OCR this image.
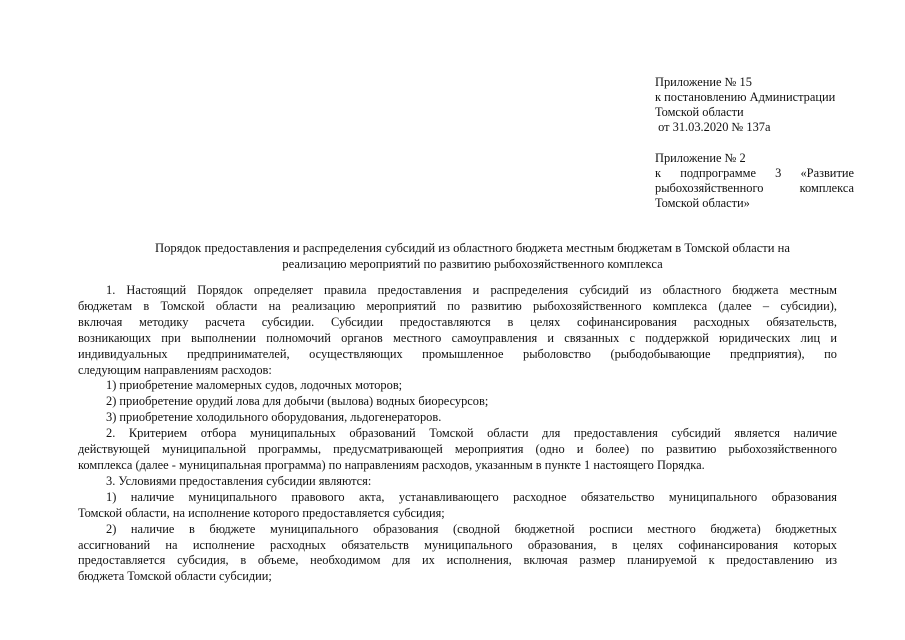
Приложение № 15
к постановлению Администрации
Томской области
от 31.03.2020 № 137а
Приложение № 2
к подпрограмме 3 «Развитие
рыбохозяйственного комплекса
Томской области»
Порядок предоставления и распределения субсидий из областного бюджета местным бюджетам в Томской области на
реализацию мероприятий по развитию рыбохозяйственного комплекса
1. Настоящий Порядок определяет правила предоставления и распределения субсидий из областного бюджета местным
бюджетам в Томской области на реализацию мероприятий по развитию рыбохозяйственного комплекса (далее – субсидии),
включая методику расчета субсидии. Субсидии предоставляются в целях софинансирования расходных обязательств,
возникающих при выполнении полномочий органов местного самоуправления и связанных с поддержкой юридических лиц и
индивидуальных предпринимателей, осуществляющих промышленное рыболовство (рыбодобывающие предприятия), по
следующим направлениям расходов:
1) приобретение маломерных судов, лодочных моторов;
2) приобретение орудий лова для добычи (вылова) водных биоресурсов;
3) приобретение холодильного оборудования, льдогенераторов.
2. Критерием отбора муниципальных образований Томской области для предоставления субсидий является наличие
действующей муниципальной программы, предусматривающей мероприятия (одно и более) по развитию рыбохозяйственного
комплекса (далее - муниципальная программа) по направлениям расходов, указанным в пункте 1 настоящего Порядка.
3. Условиями предоставления субсидии являются:
1) наличие муниципального правового акта, устанавливающего расходное обязательство муниципального образования
Томской области, на исполнение которого предоставляется субсидия;
2) наличие в бюджете муниципального образования (сводной бюджетной росписи местного бюджета) бюджетных
ассигнований на исполнение расходных обязательств муниципального образования, в целях софинансирования которых
предоставляется субсидия, в объеме, необходимом для их исполнения, включая размер планируемой к предоставлению из
бюджета Томской области субсидии;
